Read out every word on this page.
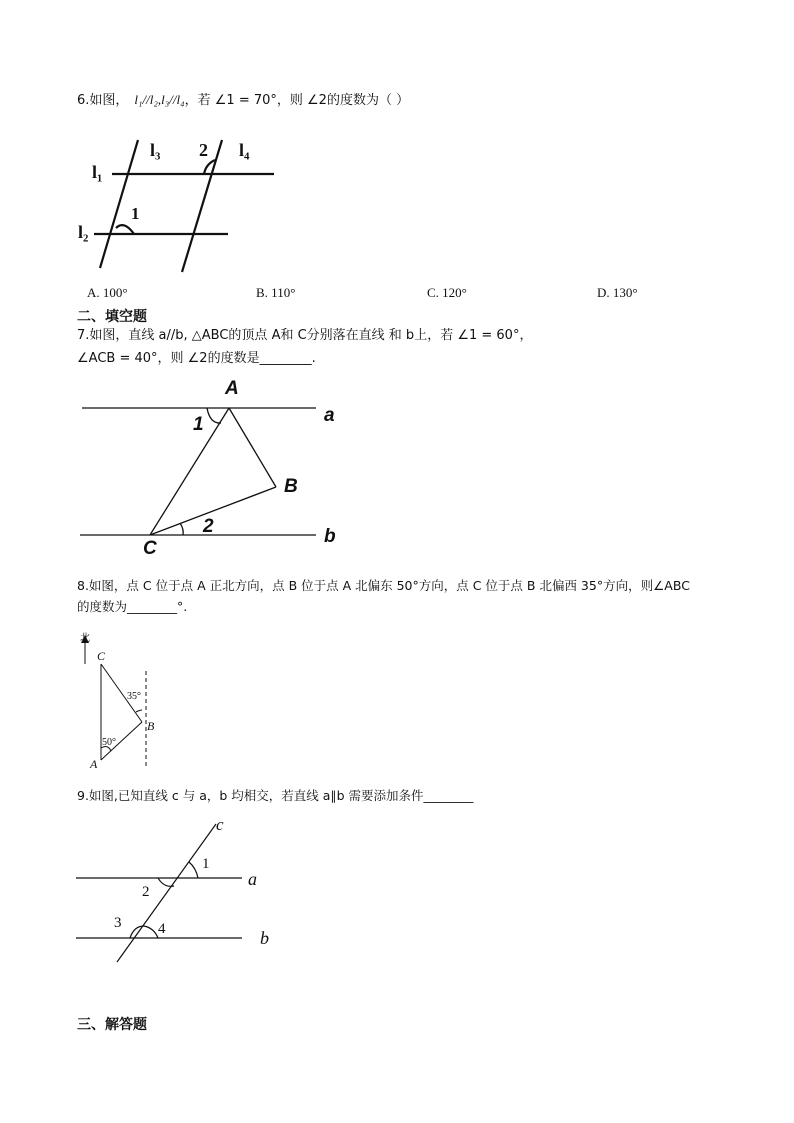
6.如图， l₁//l₂,l₃//l₄，若 ∠1 = 70°，则 ∠2的度数为（ ）
l₃	l₄
l₁
l₂
1
2
A. 100°	B. 110°	C. 120°	D. 130°
二、填空题
7.如图，直线 a//b, △ABC的顶点 A和 C分别落在直线 和 b上，若 ∠1 = 60°，
∠ACB = 40°，则 ∠2的度数是________.
A
a
1
B
2
C
b
8.如图，点 C 位于点 A 正北方向，点 B 位于点 A 北偏东 50°方向，点 C 位于点 B 北偏西 35°方向，则∠ABC
的度数为________°.
北
C
35°
B
50°
A
9.如图,已知直线 c 与 a，b 均相交，若直线 a∥b 需要添加条件________
c
1
a
2
3 4	b
三、解答题
